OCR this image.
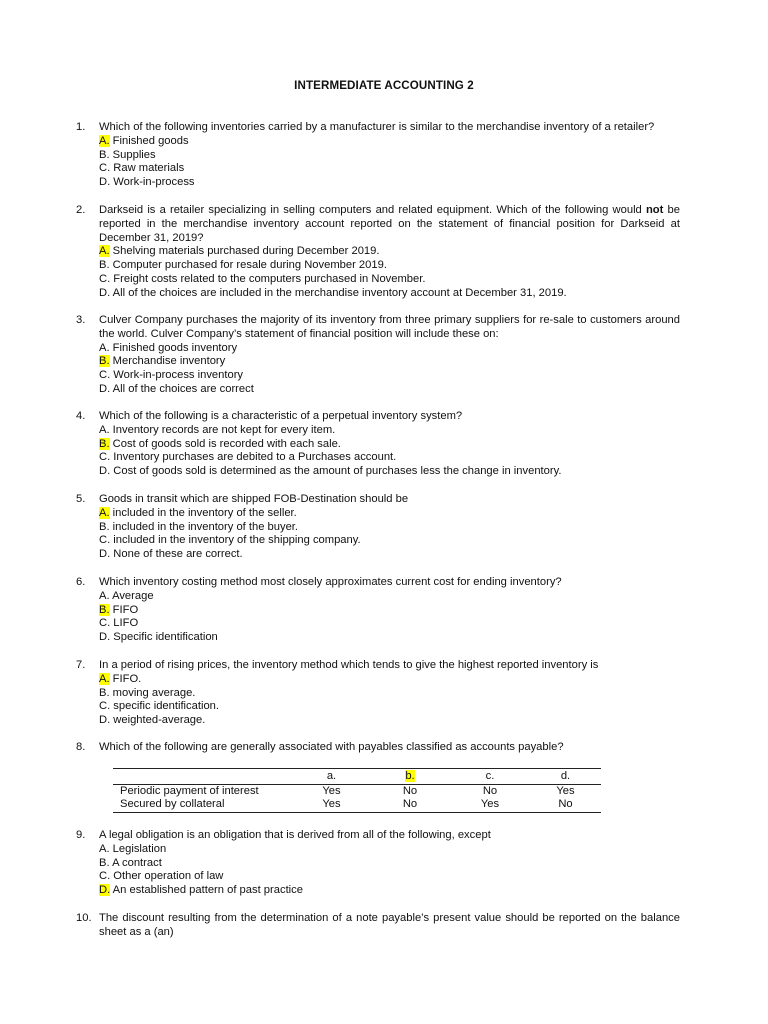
INTERMEDIATE ACCOUNTING 2
1.	Which of the following inventories carried by a manufacturer is similar to the merchandise inventory of a retailer?
A. Finished goods
B. Supplies
C. Raw materials
D. Work-in-process
2.	Darkseid is a retailer specializing in selling computers and related equipment. Which of the following would not be reported in the merchandise inventory account reported on the statement of financial position for Darkseid at December 31, 2019?
A. Shelving materials purchased during December 2019.
B. Computer purchased for resale during November 2019.
C. Freight costs related to the computers purchased in November.
D. All of the choices are included in the merchandise inventory account at December 31, 2019.
3.	Culver Company purchases the majority of its inventory from three primary suppliers for re-sale to customers around the world. Culver Company’s statement of financial position will include these on:
A. Finished goods inventory
B. Merchandise inventory
C. Work-in-process inventory
D. All of the choices are correct
4.	Which of the following is a characteristic of a perpetual inventory system?
A. Inventory records are not kept for every item.
B. Cost of goods sold is recorded with each sale.
C. Inventory purchases are debited to a Purchases account.
D. Cost of goods sold is determined as the amount of purchases less the change in inventory.
5.	Goods in transit which are shipped FOB-Destination should be
A. included in the inventory of the seller.
B. included in the inventory of the buyer.
C. included in the inventory of the shipping company.
D. None of these are correct.
6.	Which inventory costing method most closely approximates current cost for ending inventory?
A. Average
B. FIFO
C. LIFO
D. Specific identification
7.	In a period of rising prices, the inventory method which tends to give the highest reported inventory is
A. FIFO.
B. moving average.
C. specific identification.
D. weighted-average.
8.	Which of the following are generally associated with payables classified as accounts payable?
	a.	b.	c.	d.
Periodic payment of interest	Yes	No	No	Yes
Secured by collateral	Yes	No	Yes	No
9.	A legal obligation is an obligation that is derived from all of the following, except
A. Legislation
B. A contract
C. Other operation of law
D. An established pattern of past practice
10. The discount resulting from the determination of a note payable’s present value should be reported on the balance sheet as a (an)
